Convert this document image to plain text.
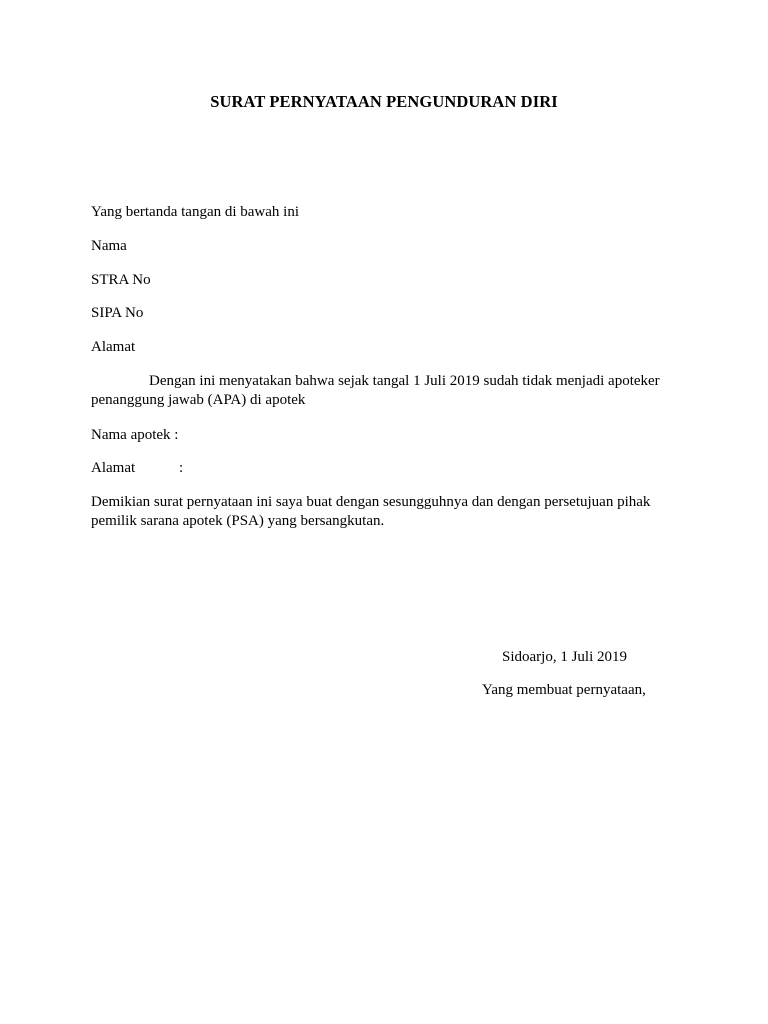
SURAT PERNYATAAN PENGUNDURAN DIRI
Yang bertanda tangan di bawah ini
Nama
STRA No
SIPA No
Alamat
Dengan ini menyatakan bahwa sejak tangal 1 Juli 2019 sudah tidak menjadi apoteker penanggung jawab (APA) di apotek
Nama apotek :
Alamat	:
Demikian surat pernyataan ini saya buat dengan sesungguhnya dan dengan persetujuan pihak pemilik sarana apotek (PSA) yang bersangkutan.
Sidoarjo, 1 Juli 2019
Yang membuat pernyataan,
